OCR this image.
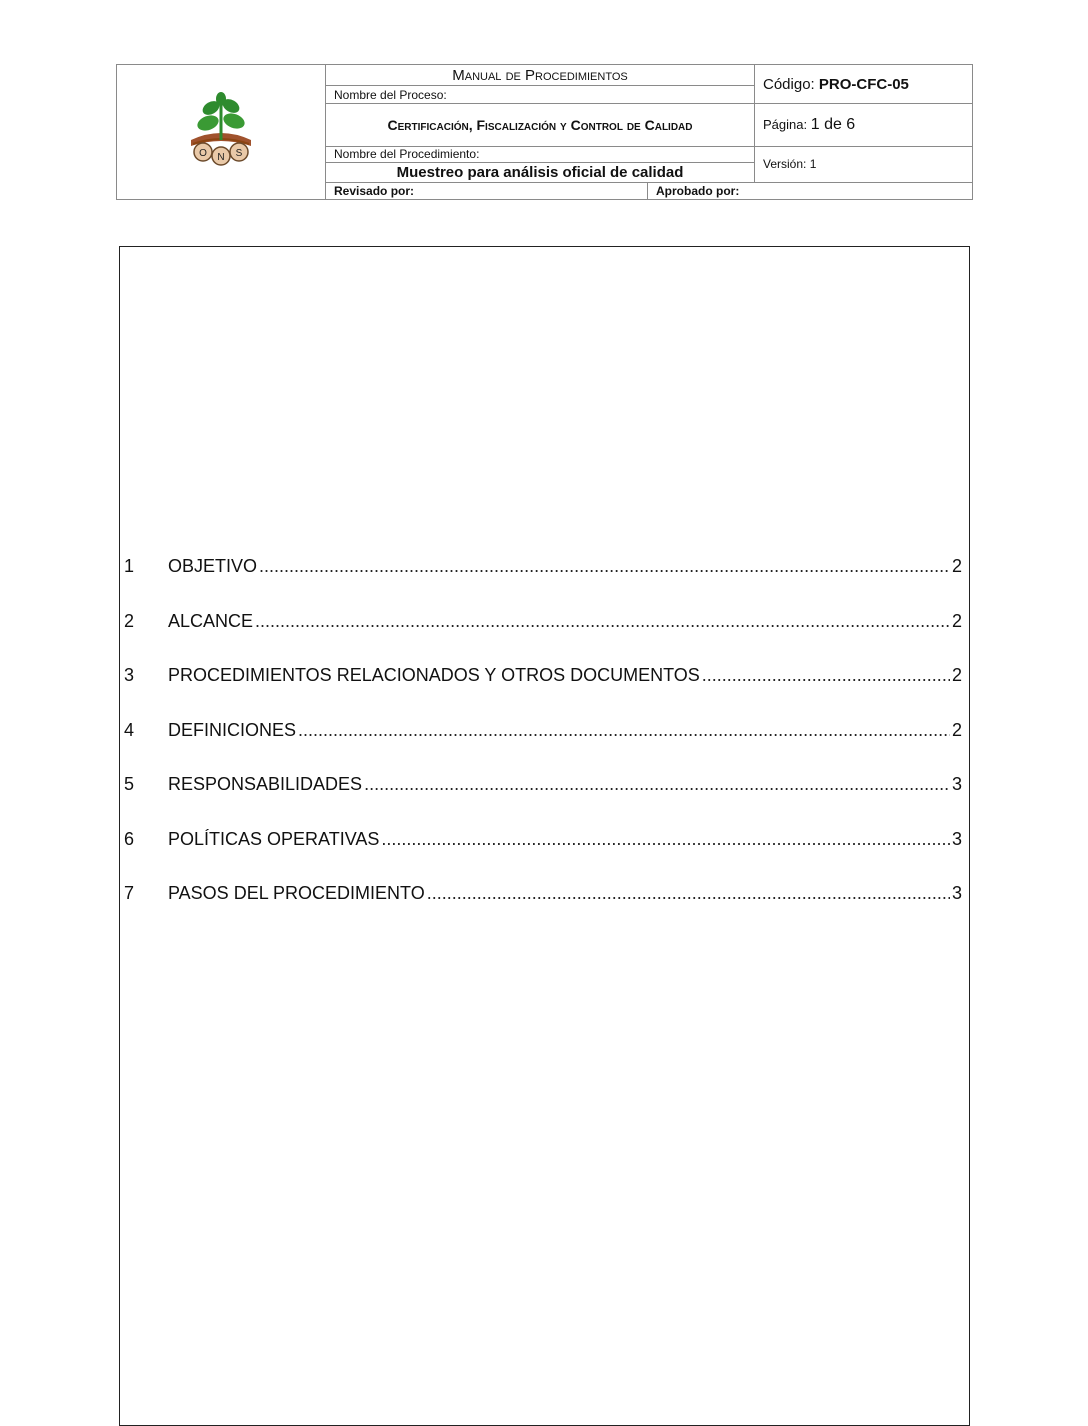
O N S	Manual de Procedimientos		Código: PRO-CFC-05
	Nombre del Proceso:		
	Certificación, Fiscalización y Control de Calidad		Página: 1 de 6
	Nombre del Procedimiento:		Versión: 1
	Muestreo para análisis oficial de calidad		
	Revisado por:	Aprobado por:	
1	OBJETIVO .....	2
2	ALCANCE .....	2
3	PROCEDIMIENTOS RELACIONADOS Y OTROS DOCUMENTOS .....	2
4	DEFINICIONES .....	2
5	RESPONSABILIDADES .....	3
6	POLÍTICAS OPERATIVAS .....	3
7	PASOS DEL PROCEDIMIENTO .....	3
